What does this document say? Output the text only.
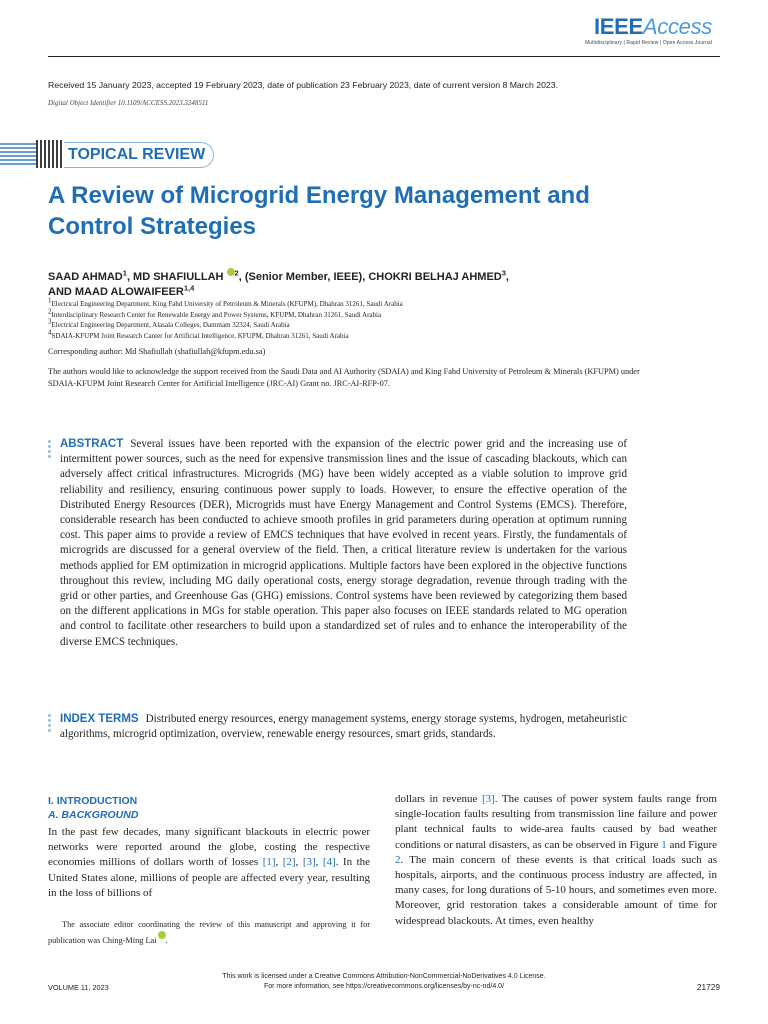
IEEEAccess
Multidisciplinary | Rapid Review | Open Access Journal
Received 15 January 2023, accepted 19 February 2023, date of publication 23 February 2023, date of current version 8 March 2023.
Digital Object Identifier 10.1109/ACCESS.2023.3248511
TOPICAL REVIEW
A Review of Microgrid Energy Management and Control Strategies
SAAD AHMAD$^1$, MD SHAFIULLAH $^2$, (Senior Member, IEEE), CHOKRI BELHAJ AHMED$^3$,
AND MAAD ALOWAIFEER$^{1,4}$
$^1$Electrical Engineering Department, King Fahd University of Petroleum & Minerals (KFUPM), Dhahran 31261, Saudi Arabia
$^2$Interdisciplinary Research Center for Renewable Energy and Power Systems, KFUPM, Dhahran 31261, Saudi Arabia
$^3$Electrical Engineering Department, Alasala Colleges, Dammam 32324, Saudi Arabia
$^4$SDAIA-KFUPM Joint Research Canter for Artificial Intelligence, KFUPM, Dhahran 31261, Saudi Arabia
Corresponding author: Md Shafiullah (shafiullah@kfupm.edu.sa)
The authors would like to acknowledge the support received from the Saudi Data and AI Authority (SDAIA) and King Fahd University of Petroleum & Minerals (KFUPM) under SDAIA-KFUPM Joint Research Center for Artificial Intelligence (JRC-AI) Grant no. JRC-AI-RFP-07.
ABSTRACT Several issues have been reported with the expansion of the electric power grid and the increasing use of intermittent power sources, such as the need for expensive transmission lines and the issue of cascading blackouts, which can adversely affect critical infrastructures. Microgrids (MG) have been widely accepted as a viable solution to improve grid reliability and resiliency, ensuring continuous power supply to loads. However, to ensure the effective operation of the Distributed Energy Resources (DER), Microgrids must have Energy Management and Control Systems (EMCS). Therefore, considerable research has been conducted to achieve smooth profiles in grid parameters during operation at optimum running cost. This paper aims to provide a review of EMCS techniques that have evolved in recent years. Firstly, the fundamentals of microgrids are discussed for a general overview of the field. Then, a critical literature review is undertaken for the various methods applied for EM optimization in microgrid applications. Multiple factors have been explored in the objective functions throughout this review, including MG daily operational costs, energy storage degradation, revenue through trading with the grid or other parties, and Greenhouse Gas (GHG) emissions. Control systems have been reviewed by categorizing them based on the different applications in MGs for stable operation. This paper also focuses on IEEE standards related to MG operation and control to facilitate other researchers to build upon a standardized set of rules and to enhance the interoperability of the diverse EMCS techniques.
INDEX TERMS Distributed energy resources, energy management systems, energy storage systems, hydrogen, metaheuristic algorithms, microgrid optimization, overview, renewable energy resources, smart grids, standards.
I. INTRODUCTION
A. BACKGROUND
In the past few decades, many significant blackouts in electric power networks were reported around the globe, costing the respective economies millions of dollars worth of losses [1], [2], [3], [4]. In the United States alone, millions of people are affected every year, resulting in the loss of billions of
The associate editor coordinating the review of this manuscript and approving it for publication was Ching-Ming Lai .
dollars in revenue [3]. The causes of power system faults range from single-location faults resulting from transmission line failure and power plant technical faults to wide-area faults caused by bad weather conditions or natural disasters, as can be observed in Figure 1 and Figure 2. The main concern of these events is that critical loads such as hospitals, airports, and the continuous process industry are affected, in many cases, for long durations of 5-10 hours, and sometimes even more. Moreover, grid restoration takes a considerable amount of time for widespread blackouts. At times, even healthy
This work is licensed under a Creative Commons Attribution-NonCommercial-NoDerivatives 4.0 License.
For more information, see https://creativecommons.org/licenses/by-nc-nd/4.0/
VOLUME 11, 2023	21729
